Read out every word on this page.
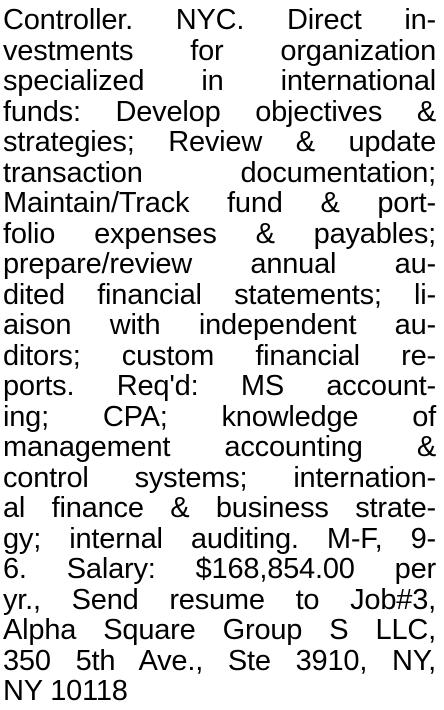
Controller. NYC. Direct in-
vestments for organization
specialized in international
funds: Develop objectives &
strategies; Review & update
transaction documentation;
Maintain/Track fund & port-
folio expenses & payables;
prepare/review annual au-
dited financial statements; li-
aison with independent au-
ditors; custom financial re-
ports. Req'd: MS account-
ing; CPA; knowledge of
management accounting &
control systems; internation-
al finance & business strate-
gy; internal auditing. M-F, 9-
6. Salary: $168,854.00 per
yr., Send resume to Job#3,
Alpha Square Group S LLC,
350 5th Ave., Ste 3910, NY,
NY 10118
